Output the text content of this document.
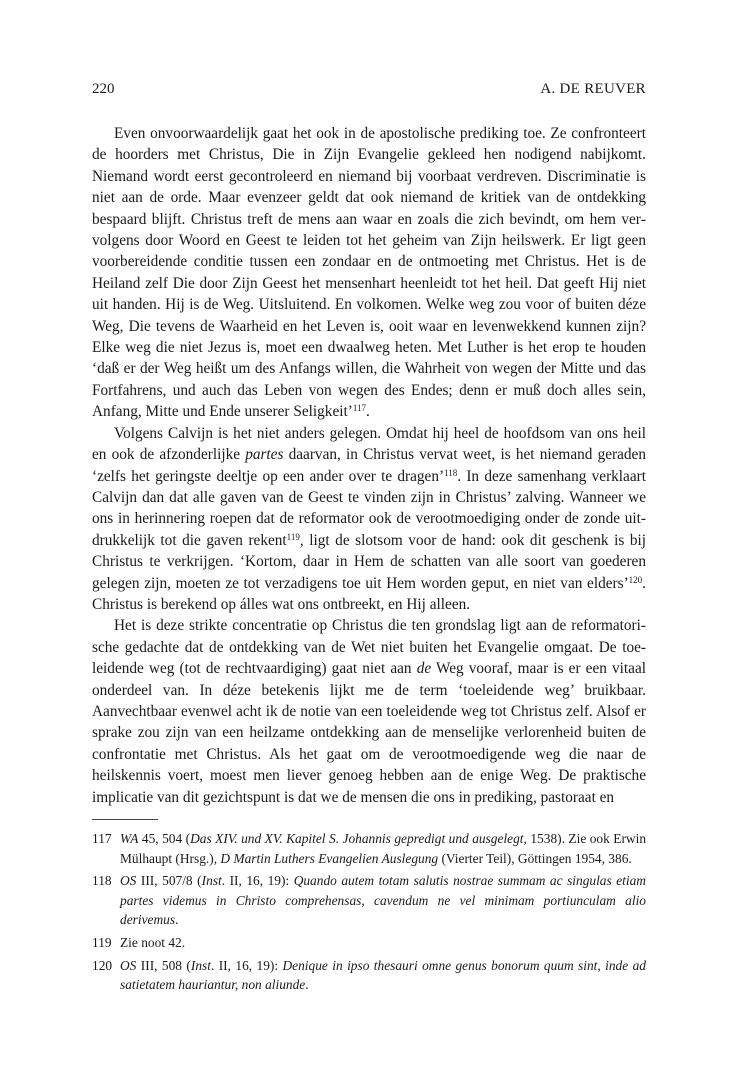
220	A. DE REUVER

Even onvoorwaardelijk gaat het ook in de apostolische prediking toe. Ze confronteert de hoorders met Christus, Die in Zijn Evangelie gekleed hen nodigend nabijkomt. Niemand wordt eerst gecontroleerd en niemand bij voorbaat verdreven. Discriminatie is niet aan de orde. Maar evenzeer geldt dat ook niemand de kritiek van de ontdekking bespaard blijft. Christus treft de mens aan waar en zoals die zich bevindt, om hem vervolgens door Woord en Geest te leiden tot het geheim van Zijn heilswerk. Er ligt geen voorbereidende conditie tussen een zondaar en de ontmoeting met Christus. Het is de Heiland zelf Die door Zijn Geest het mensenhart heenleidt tot het heil. Dat geeft Hij niet uit handen. Hij is de Weg. Uitsluitend. En volkomen. Welke weg zou voor of buiten déze Weg, Die tevens de Waarheid en het Leven is, ooit waar en levenwekkend kunnen zijn? Elke weg die niet Jezus is, moet een dwaalweg heten. Met Luther is het erop te houden ‘daß er der Weg heißt um des Anfangs willen, die Wahrheit von wegen der Mitte und das Fortfahrens, und auch das Leben von wegen des Endes; denn er muß doch alles sein, Anfang, Mitte und Ende unserer Seligkeit’$^{117}$.

Volgens Calvijn is het niet anders gelegen. Omdat hij heel de hoofdsom van ons heil en ook de afzonderlijke partes daarvan, in Christus vervat weet, is het niemand geraden ‘zelfs het geringste deeltje op een ander over te dragen’$^{118}$. In deze samenhang verklaart Calvijn dan dat alle gaven van de Geest te vinden zijn in Christus’ zalving. Wanneer we ons in herinnering roepen dat de reformator ook de verootmoediging onder de zonde uitdrukkelijk tot die gaven rekent$^{119}$, ligt de slotsom voor de hand: ook dit geschenk is bij Christus te verkrijgen. ‘Kortom, daar in Hem de schatten van alle soort van goederen gelegen zijn, moeten ze tot verzadigens toe uit Hem worden geput, en niet van elders’$^{120}$. Christus is berekend op álles wat ons ontbreekt, en Hij alleen.

Het is deze strikte concentratie op Christus die ten grondslag ligt aan de reformatorische gedachte dat de ontdekking van de Wet niet buiten het Evangelie omgaat. De toeleidende weg (tot de rechtvaardiging) gaat niet aan de Weg vooraf, maar is er een vitaal onderdeel van. In déze betekenis lijkt me de term ‘toeleidende weg’ bruikbaar. Aanvechtbaar evenwel acht ik de notie van een toeleidende weg tot Christus zelf. Alsof er sprake zou zijn van een heilzame ontdekking aan de menselijke verlorenheid buiten de confrontatie met Christus. Als het gaat om de verootmoedigende weg die naar de heilskennis voert, moest men liever genoeg hebben aan de enige Weg. De praktische implicatie van dit gezichtspunt is dat we de mensen die ons in prediking, pastoraat en

117 WA 45, 504 (Das XIV. und XV. Kapitel S. Johannis gepredigt und ausgelegt, 1538). Zie ook Erwin Mülhaupt (Hrsg.), D Martin Luthers Evangelien Auslegung (Vierter Teil), Göttingen 1954, 386.
118 OS III, 507/8 (Inst. II, 16, 19): Quando autem totam salutis nostrae summam ac singulas etiam partes videmus in Christo comprehensas, cavendum ne vel minimam portiunculam alio derivemus.
119 Zie noot 42.
120 OS III, 508 (Inst. II, 16, 19): Denique in ipso thesauri omne genus bonorum quum sint, inde ad satietatem hauriantur, non aliunde.
